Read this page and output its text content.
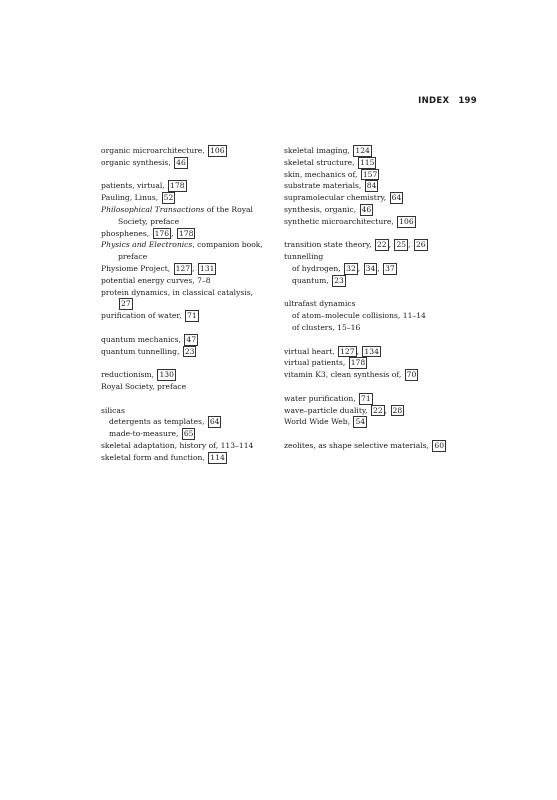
INDEX 199
organic microarchitecture, 106
organic synthesis, 46
patients, virtual, 178
Pauling, Linus, 52
Philosophical Transactions of the Royal
Society, preface
phosphenes, 176 , 178
Physics and Electronics, companion book,
preface
Physiome Project, 127 , 131
potential energy curves, 7–8
protein dynamics, in classical catalysis,
27
purification of water, 71
quantum mechanics, 47
quantum tunnelling, 23
reductionism, 130
Royal Society, preface
silicas
detergents as templates, 64
made-to-measure, 65
skeletal adaptation, history of, 113–114
skeletal form and function, 114
skeletal imaging, 124
skeletal structure, 115
skin, mechanics of, 157
substrate materials, 84
supramolecular chemistry, 64
synthesis, organic, 46
synthetic microarchitecture, 106
transition state theory, 22 , 25 , 26
tunnelling
of hydrogen, 32 , 34 , 37
quantum, 23
ultrafast dynamics
of atom–molecule collisions, 11–14
of clusters, 15–16
virtual heart, 127 , 134
virtual patients, 178
vitamin K3, clean synthesis of, 70
water purification, 71
wave–particle duality, 22 , 28
World Wide Web, 54
zeolites, as shape selective materials, 60
